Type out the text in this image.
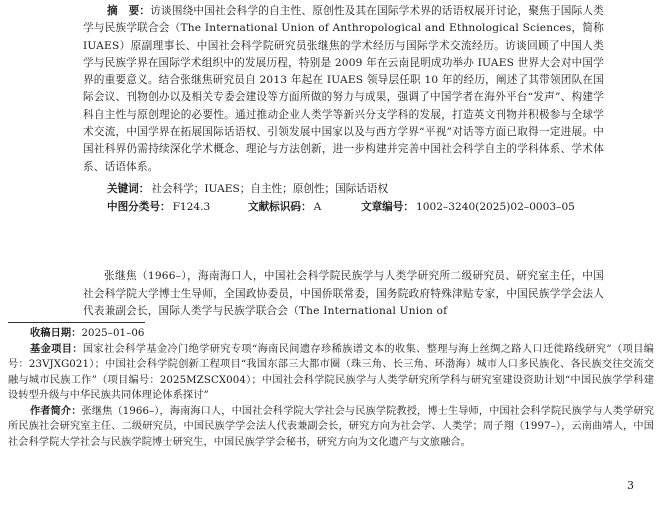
摘　要：访谈围绕中国社会科学的自主性、原创性及其在国际学术界的话语权展开讨论，聚焦于国际人类学与民族学联合会（The International Union of Anthropological and Ethnological Sciences，简称 IUAES）原副理事长、中国社会科学院研究员张继焦的学术经历与国际学术交流经历。访谈回顾了中国人类学与民族学界在国际学术组织中的发展历程，特别是 2009 年在云南昆明成功举办 IUAES 世界大会对中国学界的重要意义。结合张继焦研究员自 2013 年起在 IUAES 领导层任职 10 年的经历，阐述了其带领团队在国际会议、刊物创办以及相关专委会建设等方面所做的努力与成果，强调了中国学者在海外平台“发声”、构建学科自主性与原创理论的必要性。通过推动企业人类学等新兴分支学科的发展，打造英文刊物并积极参与全球学术交流，中国学界在拓展国际话语权、引领发展中国家以及与西方学界“平视”对话等方面已取得一定进展。中国社科界仍需持续深化学术概念、理论与方法创新，进一步构建并完善中国社会科学自主的学科体系、学术体系、话语体系。
关键词： 社会科学；IUAES；自主性；原创性；国际话语权
中图分类号： F124.3	文献标识码： A	文章编号： 1002–3240(2025)02–0003–05
张继焦（1966–），海南海口人，中国社会科学院民族学与人类学研究所二级研究员、研究室主任，中国社会科学院大学博士生导师，全国政协委员，中国侨联常委，国务院政府特殊津贴专家，中国民族学学会法人代表兼副会长，国际人类学与民族学联合会（The International Union of
收稿日期：2025–01–06
基金项目：国家社会科学基金冷门绝学研究专项“海南民间遗存珍稀族谱文本的收集、整理与海上丝绸之路人口迁徙路线研究”（项目编号：23VJXG021）；中国社会科学院创新工程项目“我国东部三大都市圈（珠三角、长三角、环渤海）城市人口多民族化、各民族交往交流交融与城市民族工作”（项目编号：2025MZSCX004）；中国社会科学院民族学与人类学研究所学科与研究室建设资助计划“中国民族学学科建设转型升级与中华民族共同体理论体系探讨”
作者简介：张继焦（1966–），海南海口人，中国社会科学院大学社会与民族学院教授，博士生导师，中国社会科学院民族学与人类学研究所民族社会研究室主任、二级研究员，中国民族学学会法人代表兼副会长，研究方向为社会学、人类学；周子翔（1997–），云南曲靖人，中国社会科学院大学社会与民族学院博士研究生，中国民族学学会秘书，研究方向为文化遗产与文旅融合。
3
